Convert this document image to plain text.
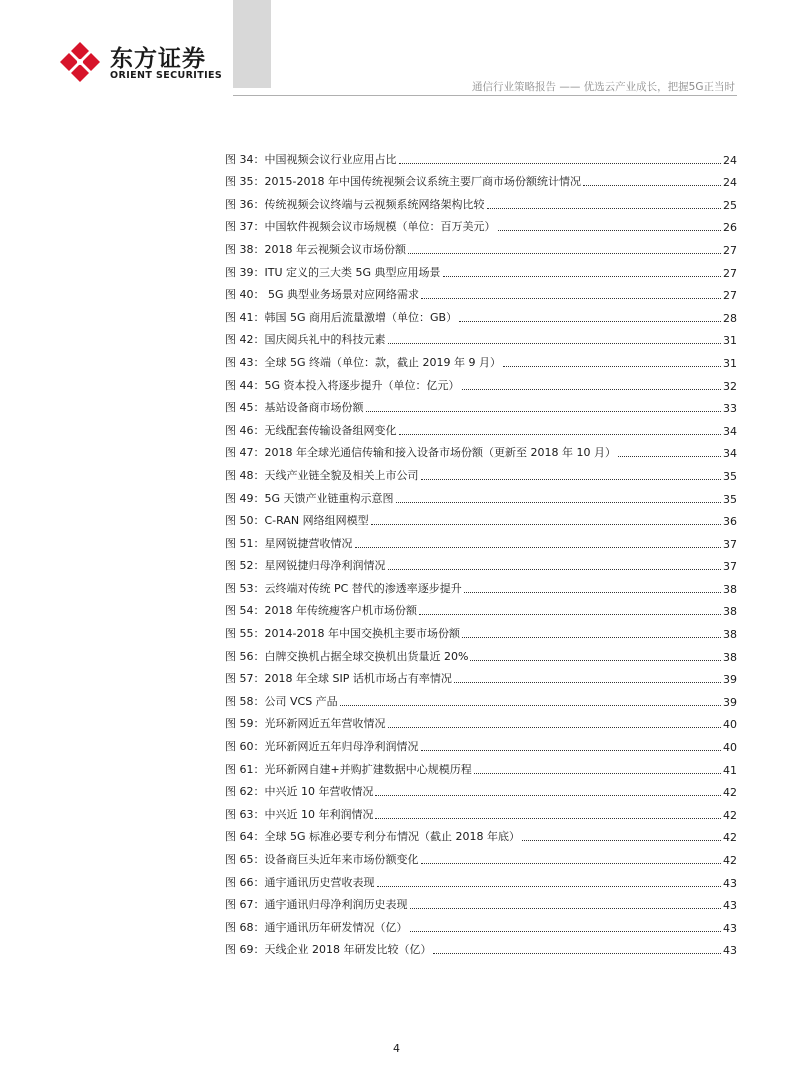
东方证券
ORIENT SECURITIES
通信行业策略报告 —— 优选云产业成长，把握5G正当时
图 34：中国视频会议行业应用占比	24
图 35：2015-2018 年中国传统视频会议系统主要厂商市场份额统计情况	24
图 36：传统视频会议终端与云视频系统网络架构比较	25
图 37：中国软件视频会议市场规模（单位：百万美元）	26
图 38：2018 年云视频会议市场份额	27
图 39：ITU 定义的三大类 5G 典型应用场景	27
图 40： 5G 典型业务场景对应网络需求	27
图 41：韩国 5G 商用后流量激增（单位：GB）	28
图 42：国庆阅兵礼中的科技元素	31
图 43：全球 5G 终端（单位：款，截止 2019 年 9 月）	31
图 44：5G 资本投入将逐步提升（单位：亿元）	32
图 45：基站设备商市场份额	33
图 46：无线配套传输设备组网变化	34
图 47：2018 年全球光通信传输和接入设备市场份额（更新至 2018 年 10 月）	34
图 48：天线产业链全貌及相关上市公司	35
图 49：5G 天馈产业链重构示意图	35
图 50：C-RAN 网络组网模型	36
图 51：星网锐捷营收情况	37
图 52：星网锐捷归母净利润情况	37
图 53：云终端对传统 PC 替代的渗透率逐步提升	38
图 54：2018 年传统瘦客户机市场份额	38
图 55：2014-2018 年中国交换机主要市场份额	38
图 56：白牌交换机占据全球交换机出货量近 20%	38
图 57：2018 年全球 SIP 话机市场占有率情况	39
图 58：公司 VCS 产品	39
图 59：光环新网近五年营收情况	40
图 60：光环新网近五年归母净利润情况	40
图 61：光环新网自建+并购扩建数据中心规模历程	41
图 62：中兴近 10 年营收情况	42
图 63：中兴近 10 年利润情况	42
图 64：全球 5G 标准必要专利分布情况（截止 2018 年底）	42
图 65：设备商巨头近年来市场份额变化	42
图 66：通宇通讯历史营收表现	43
图 67：通宇通讯归母净利润历史表现	43
图 68：通宇通讯历年研发情况（亿）	43
图 69：天线企业 2018 年研发比较（亿）	43
4
